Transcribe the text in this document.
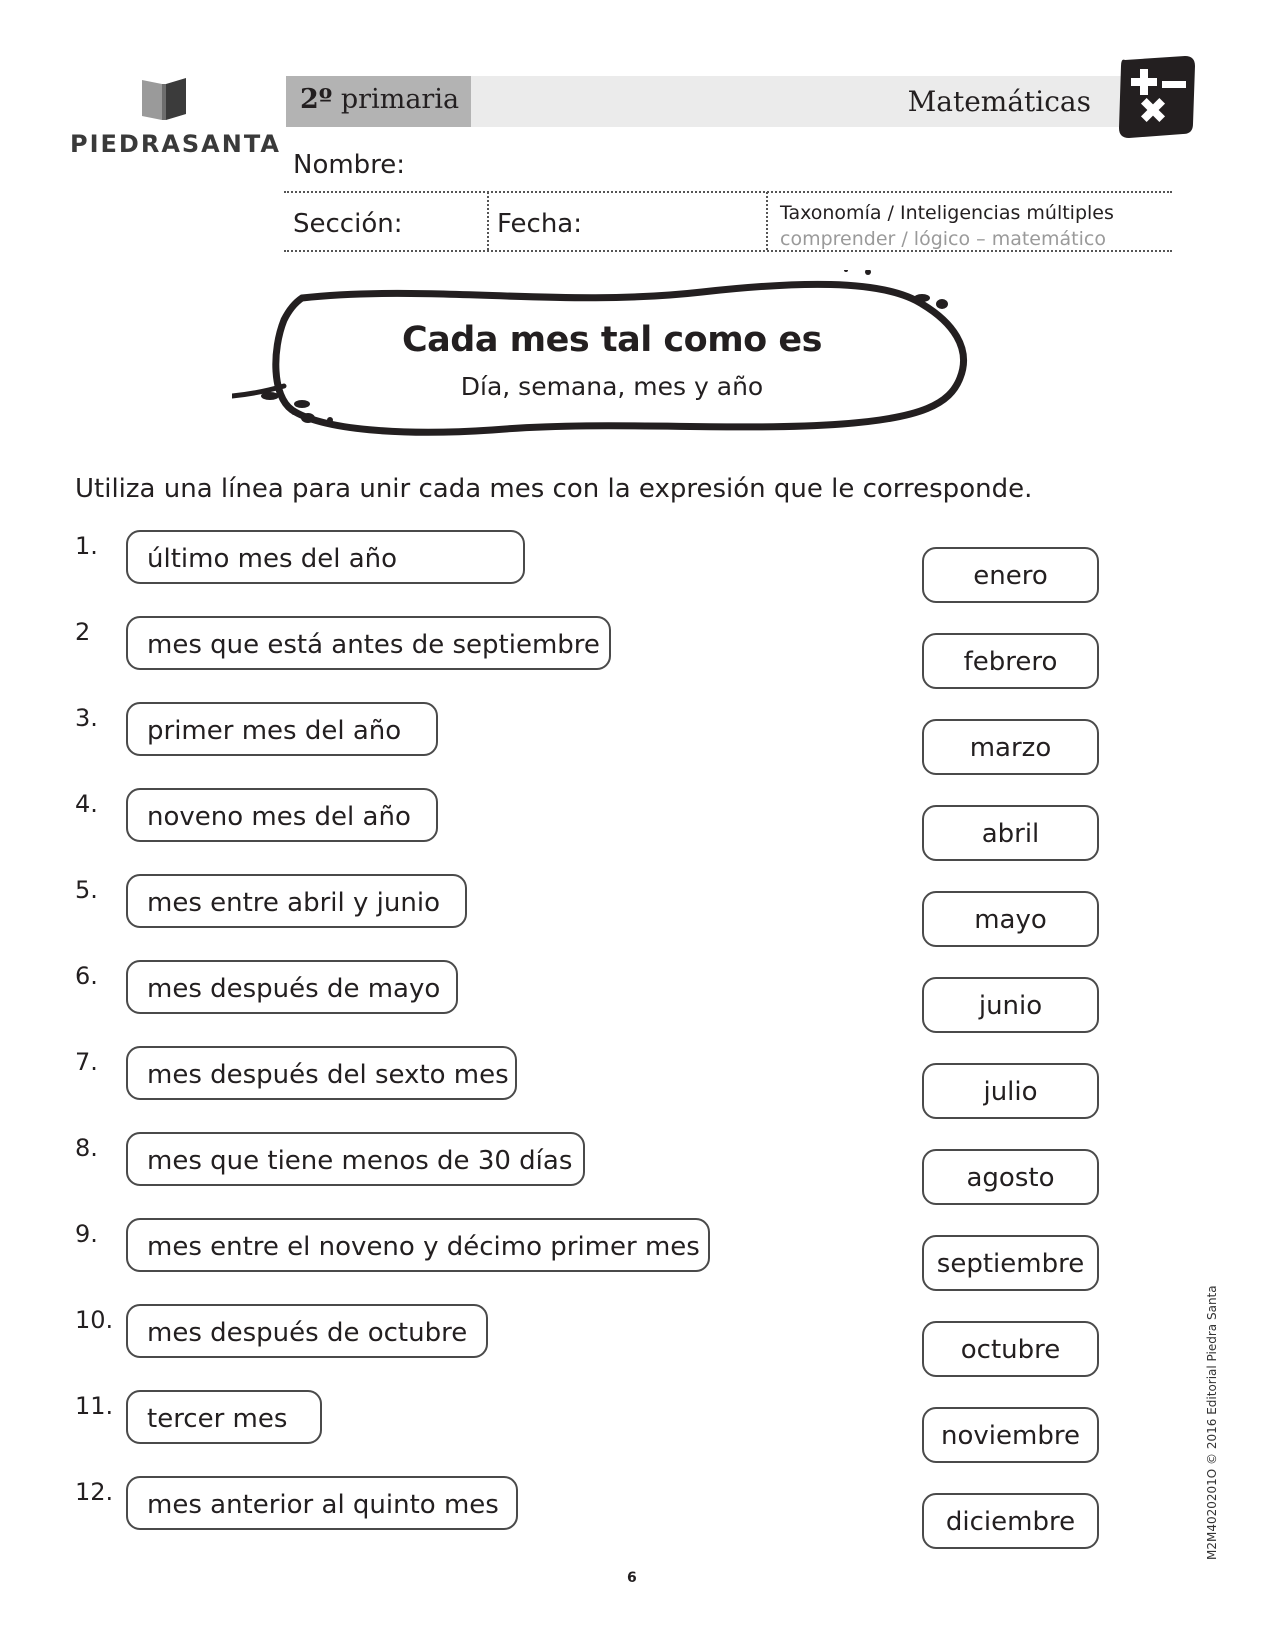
PIEDRASANTA
2º primaria	Matemáticas
Nombre:
Sección:	Fecha:	Taxonomía / Inteligencias múltiples
comprender / lógico – matemático
Cada mes tal como es
Día, semana, mes y año
Utiliza una línea para unir cada mes con la expresión que le corresponde.
1.	último mes del año
2	mes que está antes de septiembre
3.	primer mes del año
4.	noveno mes del año
5.	mes entre abril y junio
6.	mes después de mayo
7.	mes después del sexto mes
8.	mes que tiene menos de 30 días
9.	mes entre el noveno y décimo primer mes
10.	mes después de octubre
11.	tercer mes
12.	mes anterior al quinto mes
enero
febrero
marzo
abril
mayo
junio
julio
agosto
septiembre
octubre
noviembre
diciembre
6
M2M4020201O © 2016 Editorial Piedra Santa
